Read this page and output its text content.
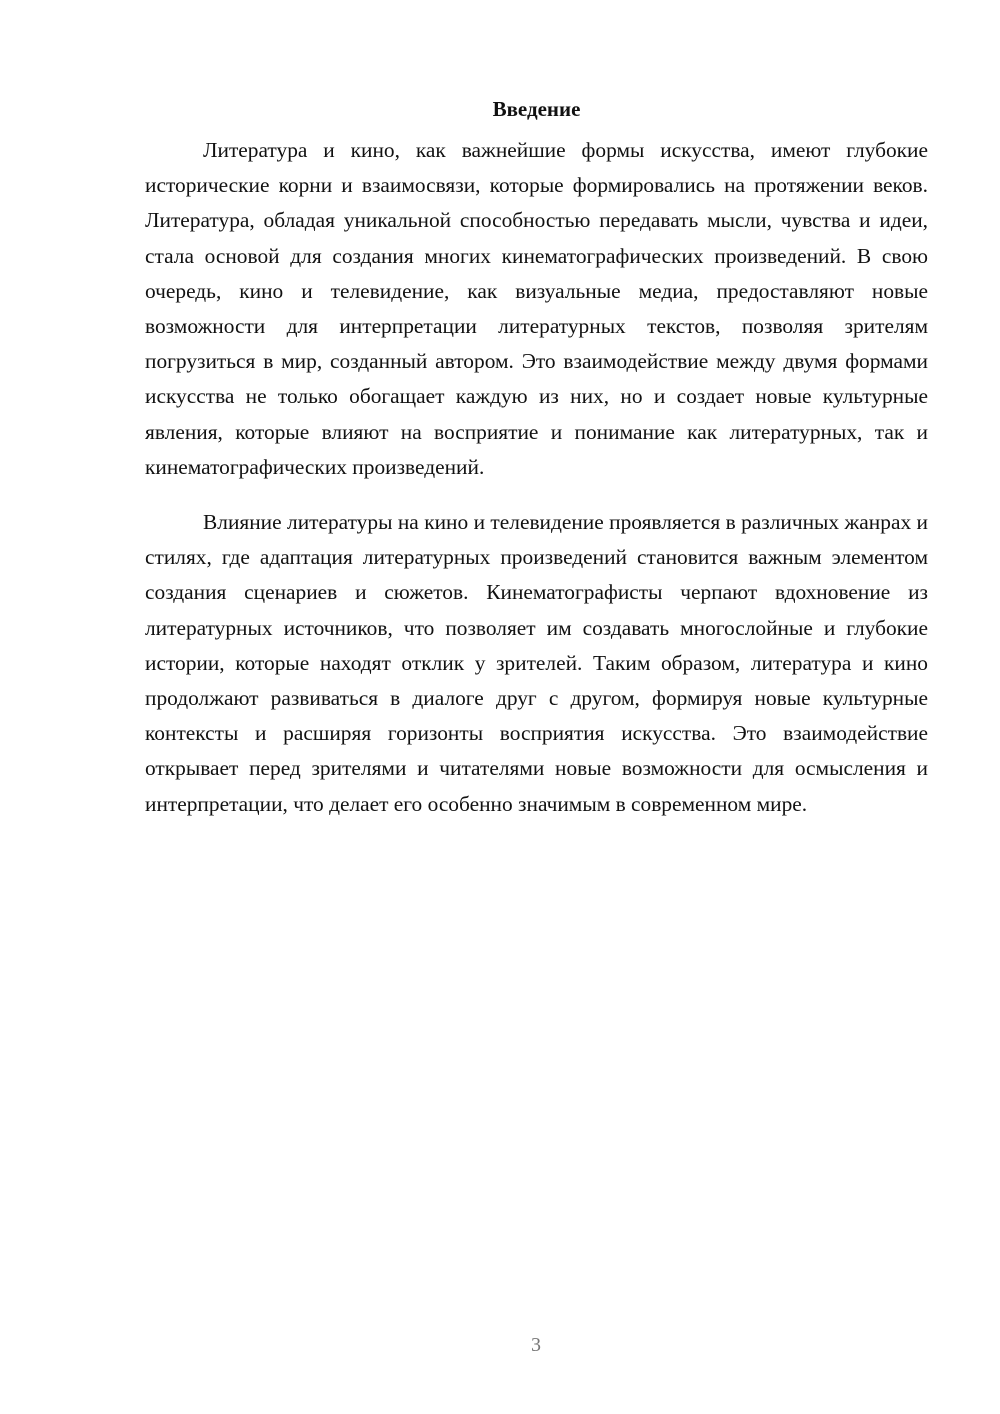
Введение

Литература и кино, как важнейшие формы искусства, имеют глубокие исторические корни и взаимосвязи, которые формировались на протяжении веков. Литература, обладая уникальной способностью передавать мысли, чувства и идеи, стала основой для создания многих кинематографических произведений. В свою очередь, кино и телевидение, как визуальные медиа, предоставляют новые возможности для интерпретации литературных текстов, позволяя зрителям погрузиться в мир, созданный автором. Это взаимодействие между двумя формами искусства не только обогащает каждую из них, но и создает новые культурные явления, которые влияют на восприятие и понимание как литературных, так и кинематографических произведений.

Влияние литературы на кино и телевидение проявляется в различных жанрах и стилях, где адаптация литературных произведений становится важным элементом создания сценариев и сюжетов. Кинематографисты черпают вдохновение из литературных источников, что позволяет им создавать многослойные и глубокие истории, которые находят отклик у зрителей. Таким образом, литература и кино продолжают развиваться в диалоге друг с другом, формируя новые культурные контексты и расширяя горизонты восприятия искусства. Это взаимодействие открывает перед зрителями и читателями новые возможности для осмысления и интерпретации, что делает его особенно значимым в современном мире.

3
